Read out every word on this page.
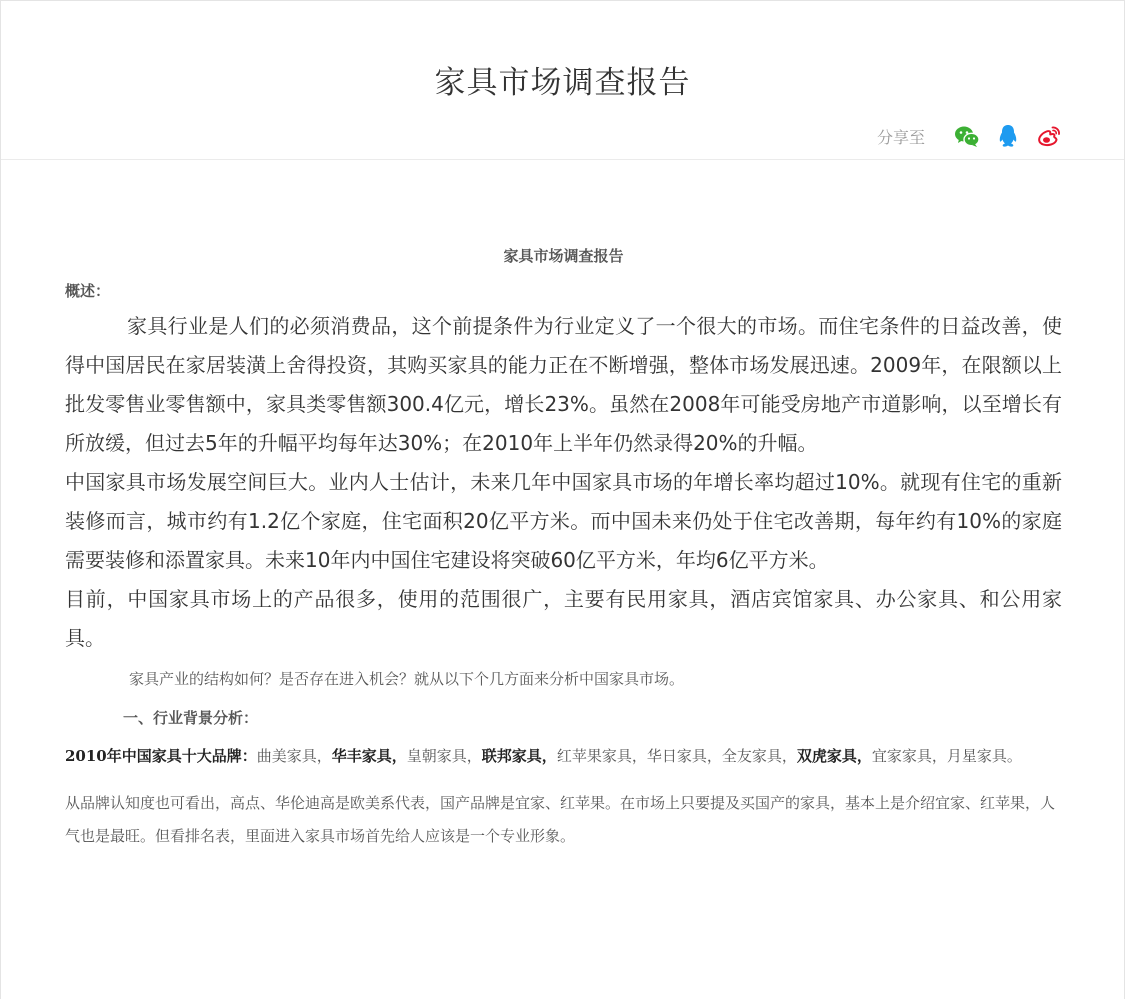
家具市场调查报告
分享至
家具市场调查报告
概述：

家具行业是人们的必须消费品，这个前提条件为行业定义了一个很大的市场。而住宅条件的日益改善，使得中国居民在家居装潢上舍得投资，其购买家具的能力正在不断增强，整体市场发展迅速。2009年，在限额以上批发零售业零售额中，家具类零售额300.4亿元，增长23%。虽然在2008年可能受房地产市道影响，以至增长有所放缓，但过去5年的升幅平均每年达30%；在2010年上半年仍然录得20%的升幅。

中国家具市场发展空间巨大。业内人士估计，未来几年中国家具市场的年增长率均超过10%。就现有住宅的重新装修而言，城市约有1.2亿个家庭，住宅面积20亿平方米。而中国未来仍处于住宅改善期，每年约有10%的家庭需要装修和添置家具。未来10年内中国住宅建设将突破60亿平方米，年均6亿平方米。

目前，中国家具市场上的产品很多，使用的范围很广，主要有民用家具，酒店宾馆家具、办公家具、和公用家具。

家具产业的结构如何？是否存在进入机会？就从以下个几方面来分析中国家具市场。
一、行业背景分析：
2010年中国家具十大品牌：曲美家具，华丰家具，皇朝家具，联邦家具，红苹果家具，华日家具，全友家具，双虎家具，宜家家具，月星家具。
从品牌认知度也可看出，高点、华伦迪高是欧美系代表，国产品牌是宜家、红苹果。在市场上只要提及买国产的家具，基本上是介绍宜家、红苹果，人气也是最旺。但看排名表，里面进入家具市场首先给人应该是一个专业形象。
